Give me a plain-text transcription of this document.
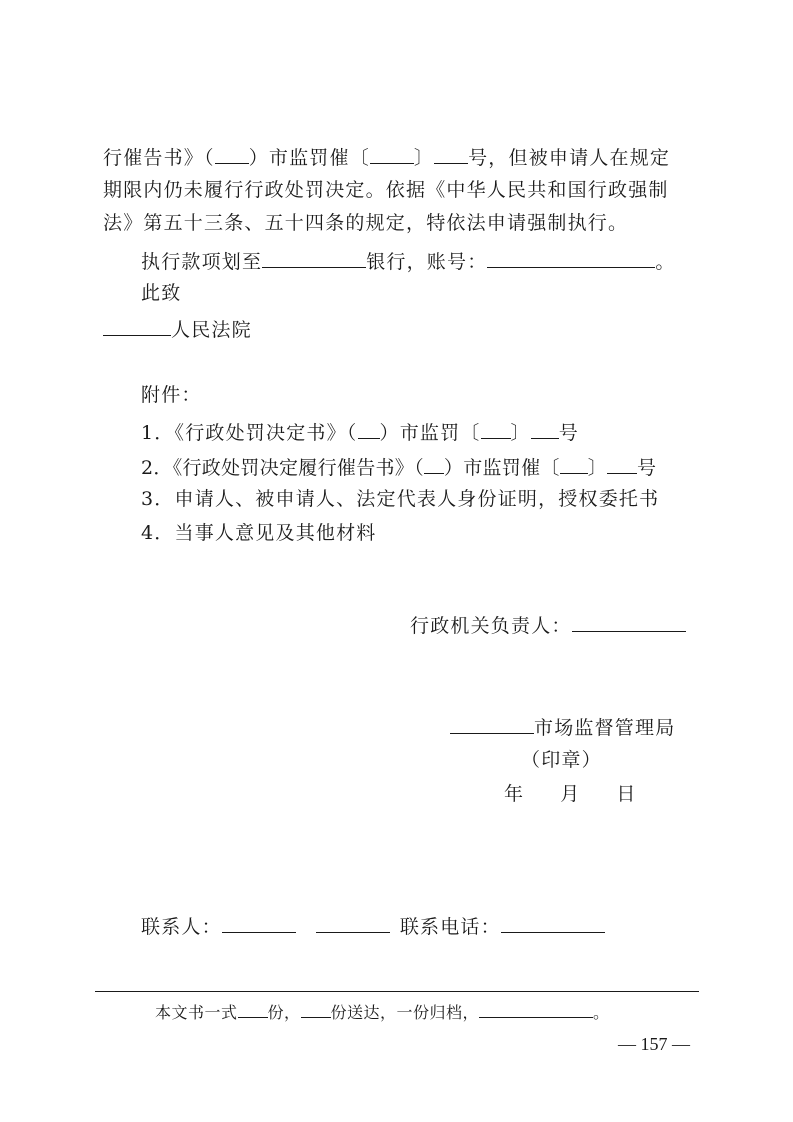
行催告书》（ ）市监罚催〔 〕 号，但被申请人在规定
期限内仍未履行行政处罚决定。依据《中华人民共和国行政强制
法》第五十三条、五十四条的规定，特依法申请强制执行。
执行款项划至	银行，账号：	。
此致
人民法院
附件：
1．《行政处罚决定书》（ ）市监罚〔 〕 号
2．《行政处罚决定履行催告书》（ ）市监罚催〔 〕 号
3．申请人、被申请人、法定代表人身份证明，授权委托书
4．当事人意见及其他材料
行政机关负责人：
市场监督管理局
（印章）
年 月 日
联系人：	联系电话：
本文书一式 份， 份送达，一份归档，	。
— 157 —
